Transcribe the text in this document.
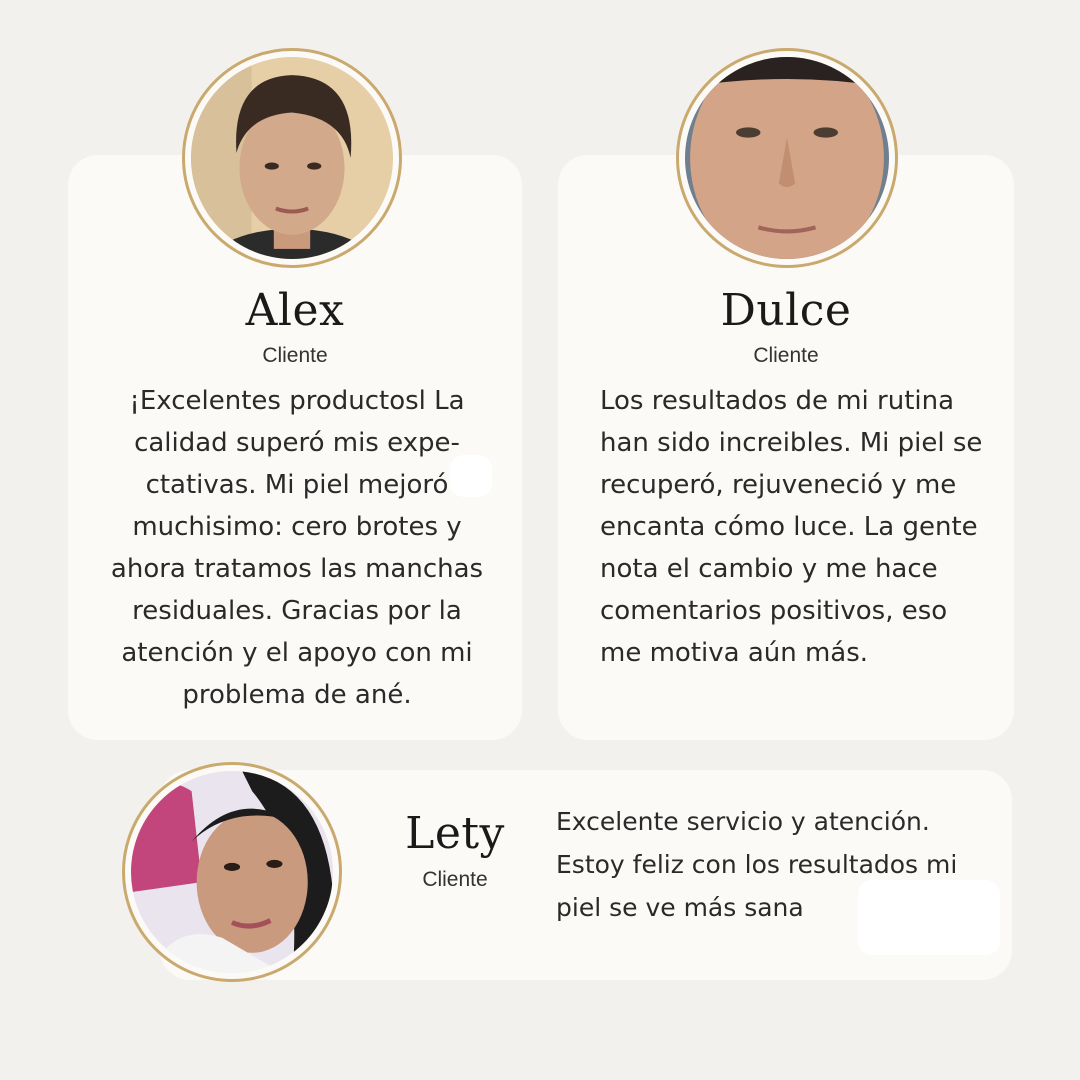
Alex
Cliente

¡Excelentes productosl La calidad superó mis expe-ctativas. Mi piel mejoró muchisimo: cero brotes y ahora tratamos las manchas residuales. Gracias por la atención y el apoyo con mi problema de ané.

Dulce
Cliente

Los resultados de mi rutina han sido increibles. Mi piel se recuperó, rejuveneció y me encanta cómo luce. La gente nota el cambio y me hace comentarios positivos, eso me motiva aún más.

Lety
Cliente

Excelente servicio y atención. Estoy feliz con los resultados mi piel se ve más sana
